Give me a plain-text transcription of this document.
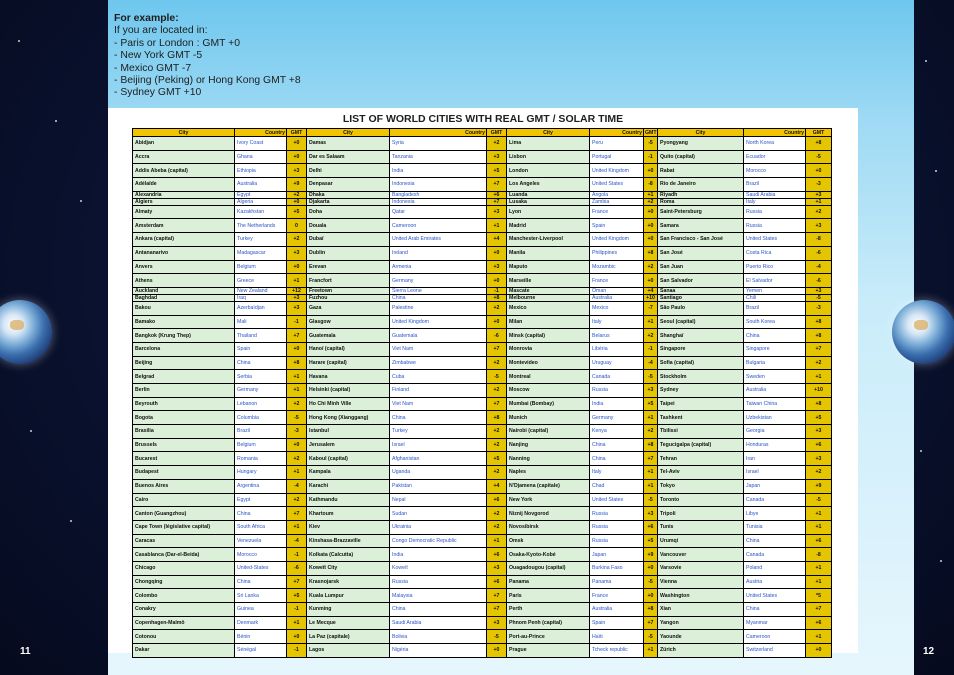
For example:
If you are located in:
- Paris or London : GMT +0
- New York GMT -5
- Mexico GMT -7
- Beijing (Peking) or Hong Kong GMT +8
- Sydney GMT +10
LIST OF WORLD CITIES WITH REAL GMT / SOLAR TIME
City	Country	GMT	City	Country	GMT	City	Country	GMT	City	Country	GMT
Abidjan	Ivory Coast	+0	Damas	Syria	+2	Lima	Peru	-5	Pyongyang	North Korea	+8
Accra	Ghana	+0	Dar es Salaam	Tanzania	+3	Lisbon	Portugal	-1	Quito (capital)	Ecuador	-5
Addis Abeba (capital)	Ethiopia	+3	Delhi	India	+5	London	United Kingdom	+0	Rabat	Morocco	+0
Adélaïde	Australia	+9	Denpasar	Indonesia	+7	Los Angeles	United States	-8	Rio de Janeiro	Brazil	-3
Alexandria	Egypt	+2	Dhaka	Bangladesh	+6	Luanda	Angola	+1	Riyadh	Saudi Arabia	+3
Algiers	Algeria	+0	Djakarta	Indonesia	+7	Lusaka	Zambia	+2	Roma	Italy	+1
Almaty	Kazakhstan	+5	Doha	Qatar	+3	Lyon	France	+0	Saint-Petersburg	Russia	+2
Amsterdam	The Netherlands	0	Douala	Cameroon	+1	Madrid	Spain	+0	Samara	Russia	+3
Ankara (capital)	Turkey	+2	Dubaï	United Arab Emirates	+4	Manchester-Liverpool	United Kingdom	+0	San Francisco - San José	United States	-8
Antananarivo	Madagascar	+3	Dublin	Ireland	+0	Manila	Philippines	+8	San José	Costa Rica	-6
Anvers	Belgium	+0	Erevan	Armenia	+3	Maputo	Mozambic	+2	San Juan	Puerto Rico	-4
Athens	Greece	+1	Francfort	Germany	+0	Marseille	France	+0	San Salvador	El Salvador	-6
Auckland	New Zealand	+12	Freetown	Sierra Leone	-1	Mascate	Oman	+4	Sanaa	Yemen	+3
Baghdad	Iraq	+3	Fuzhou	China	+8	Melbourne	Australia	+10	Santiago	Chili	-5
Bakou	Azerbaïdjan	+3	Gaza	Palestine	+2	Mexico	Mexico	-7	São Paulo	Brazil	-3
Bamako	Mali	-1	Glasgow	United Kingdom	+0	Milan	Italy	+1	Seoul (capital)	South Korea	+8
Bangkok (Krung Thep)	Thailand	+7	Guatemala	Guatemala	-6	Minsk (capital)	Belarus	+2	Shanghaï	China	+8
Barcelona	Spain	+0	Hanoï (capital)	Viet Nam	+7	Monrovia	Libéria	-1	Singapore	Singapore	+7
Beijing	China	+8	Harare (capital)	Zimbabwe	+2	Montevideo	Uruguay	-4	Sofia (capital)	Bulgaria	+2
Belgrad	Serbia	+1	Havana	Cuba	-5	Montreal	Canada	-5	Stockholm	Sweden	+1
Berlin	Germany	+1	Helsinki (capital)	Finland	+2	Moscow	Russia	+3	Sydney	Australia	+10
Beyrouth	Lebanon	+2	Ho Chi Minh Ville	Viet Nam	+7	Mumbai (Bombay)	India	+5	Taipei	Taiwan China	+8
Bogota	Columbia	-5	Hong Kong (Xianggang)	China	+8	Munich	Germany	+1	Tashkent	Uzbekistan	+5
Brasilia	Brazil	-3	Istanbul	Turkey	+2	Nairobi (capital)	Kenya	+2	Tbilissi	Georgia	+3
Brussels	Belgium	+0	Jerusalem	Israel	+2	Nanjing	China	+8	Tegucigalpa (capital)	Honduras	+6
Bucarest	Romania	+2	Kaboul (capital)	Afghanistan	+5	Nanning	China	+7	Tehran	Iran	+3
Budapest	Hungary	+1	Kampala	Uganda	+2	Naples	Italy	+1	Tel-Aviv	Israel	+2
Buenos Aires	Argentina	-4	Karachi	Pakistan	+4	N'Djamena (capitale)	Chad	+1	Tokyo	Japan	+9
Cairo	Egypt	+2	Kathmandu	Nepal	+6	New York	United States	-5	Toronto	Canada	-5
Canton (Guangzhou)	China	+7	Khartoum	Sudan	+2	Niznij Novgorod	Russia	+3	Tripoli	Libye	+1
Cape Town (législative capital)	South Africa	+1	Kiev	Ukrainia	+2	Novosibirsk	Russia	+6	Tunis	Tunisia	+1
Caracas	Venezuela	-4	Kinshasa-Brazzaville	Congo Democratic Republic	+1	Omsk	Russia	+5	Urumqi	China	+6
Casablanca (Dar-el-Beida)	Morocco	-1	Kolkata (Calcutta)	India	+6	Osaka-Kyoto-Kobé	Japan	+9	Vancouver	Canada	-8
Chicago	United-States	-6	Koweït City	Koweït	+3	Ouagadougou (capital)	Burkina Faso	+0	Varsovie	Poland	+1
Chongqing	China	+7	Krasnojarsk	Russia	+6	Panama	Panama	-5	Vienna	Austria	+1
Colombo	Sri Lanka	+5	Kuala Lumpur	Malaysia	+7	Paris	France	+0	Washington	United States	*5
Conakry	Guinea	-1	Kunming	China	+7	Perth	Australia	+8	Xian	China	+7
Copenhagen-Malmö	Denmark	+1	Le Mecque	Saudi Arabia	+3	Phnom Penh (capital)	Spain	+7	Yangon	Myanmar	+6
Cotonou	Bénin	+0	La Paz (capitale)	Bolivia	-5	Port-au-Prince	Haïti	-5	Yaounde	Cameroon	+1
Dakar	Sénégal	-1	Lagos	Nigéria	+0	Prague	Tcheck republic	+1	Zürich	Switzerland	+0
11	12
